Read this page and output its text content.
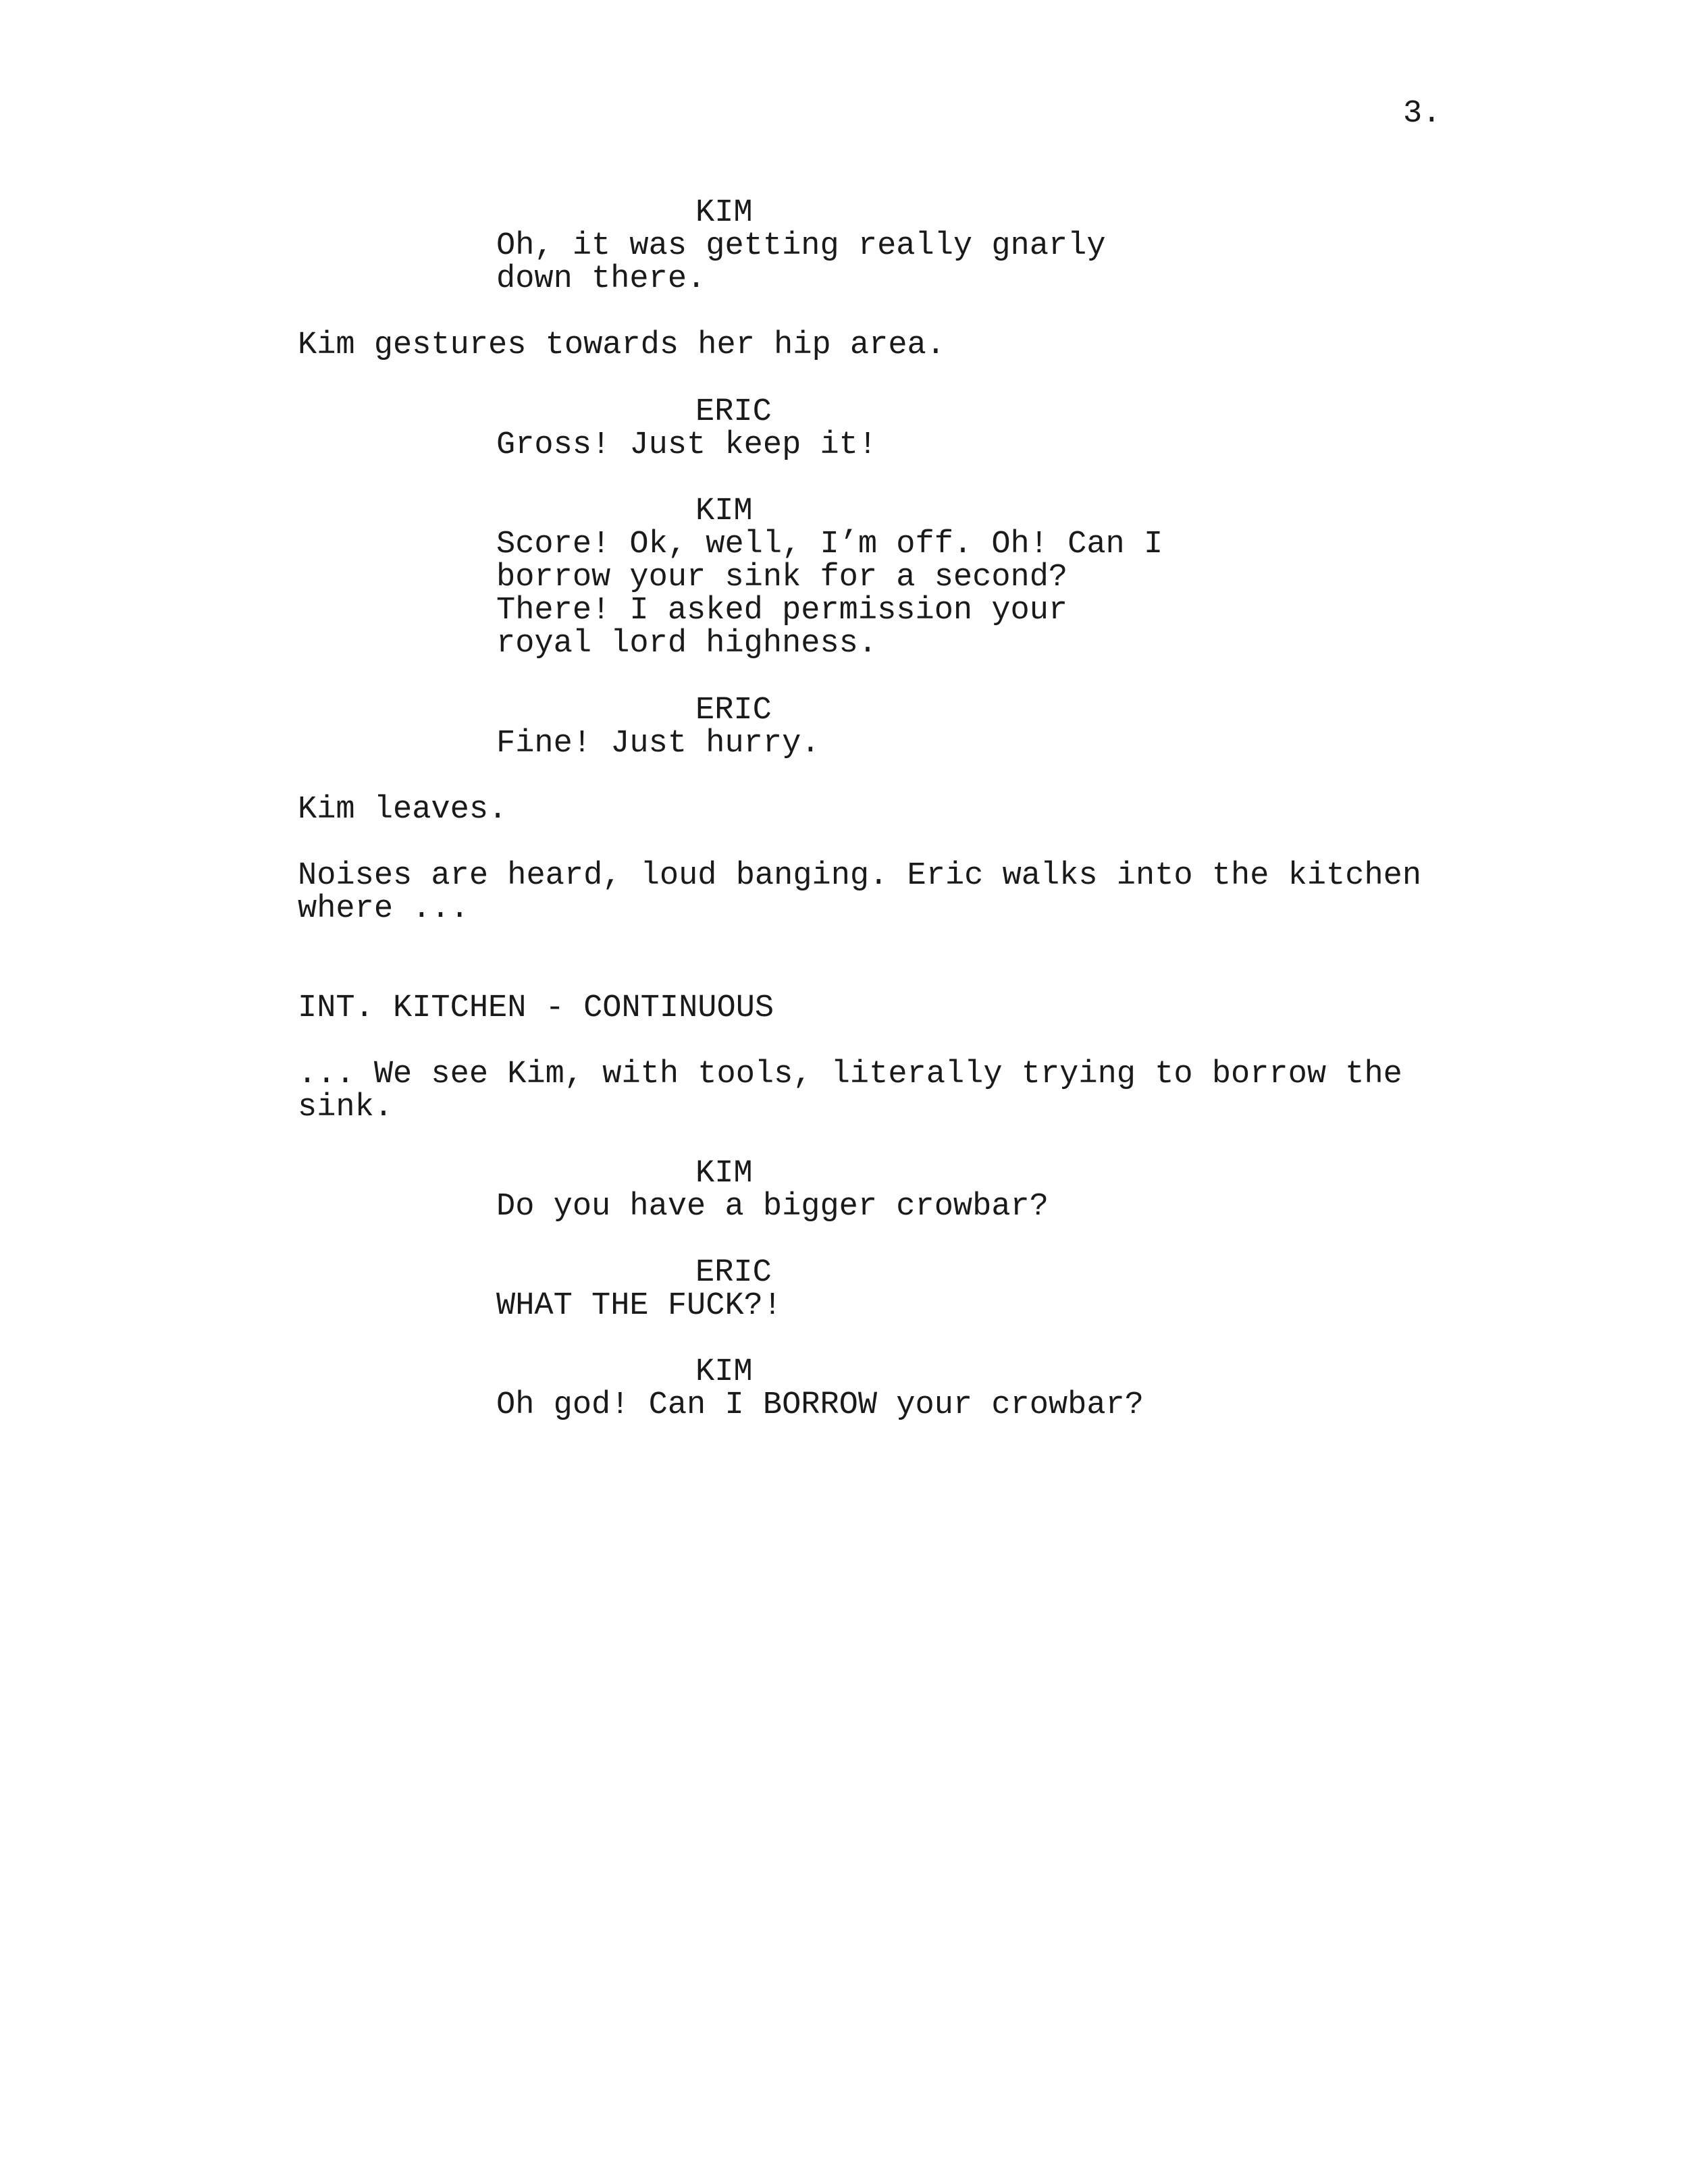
3.
KIM
Oh, it was getting really gnarly
down there.
Kim gestures towards her hip area.
ERIC
Gross! Just keep it!
KIM
Score! Ok, well, I’m off. Oh! Can I
borrow your sink for a second?
There! I asked permission your
royal lord highness.
ERIC
Fine! Just hurry.
Kim leaves.
Noises are heard, loud banging. Eric walks into the kitchen
where ...
INT. KITCHEN - CONTINUOUS
... We see Kim, with tools, literally trying to borrow the
sink.
KIM
Do you have a bigger crowbar?
ERIC
WHAT THE FUCK?!
KIM
Oh god! Can I BORROW your crowbar?
